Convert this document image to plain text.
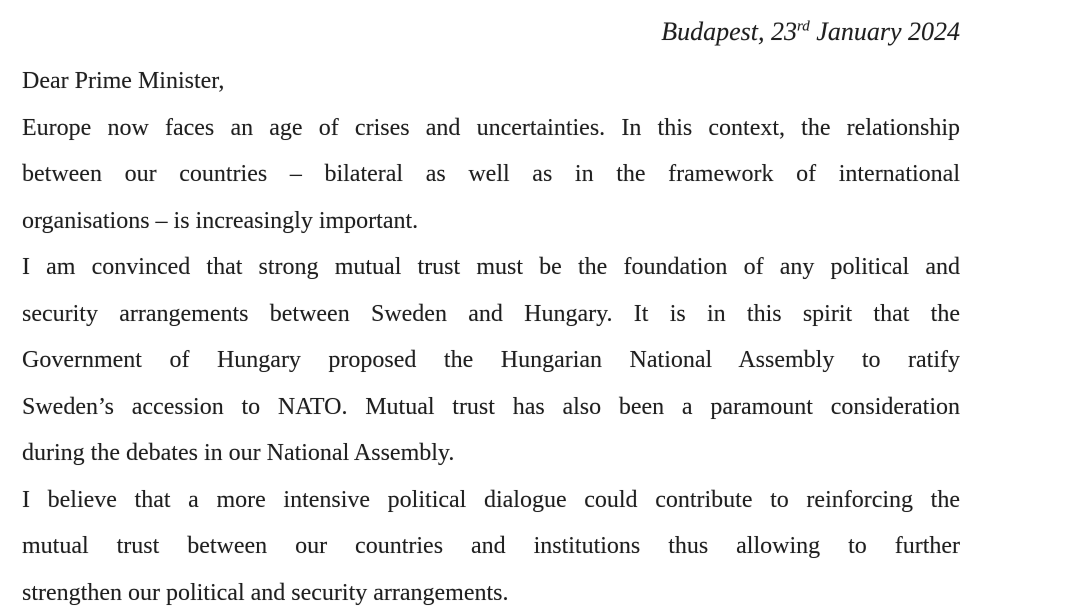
Budapest, 23rd January 2024
Dear Prime Minister,
Europe now faces an age of crises and uncertainties. In this context, the relationship
between our countries – bilateral as well as in the framework of international
organisations – is increasingly important.
I am convinced that strong mutual trust must be the foundation of any political and
security arrangements between Sweden and Hungary. It is in this spirit that the
Government of Hungary proposed the Hungarian National Assembly to ratify
Sweden’s accession to NATO. Mutual trust has also been a paramount consideration
during the debates in our National Assembly.
I believe that a more intensive political dialogue could contribute to reinforcing the
mutual trust between our countries and institutions thus allowing to further
strengthen our political and security arrangements.
